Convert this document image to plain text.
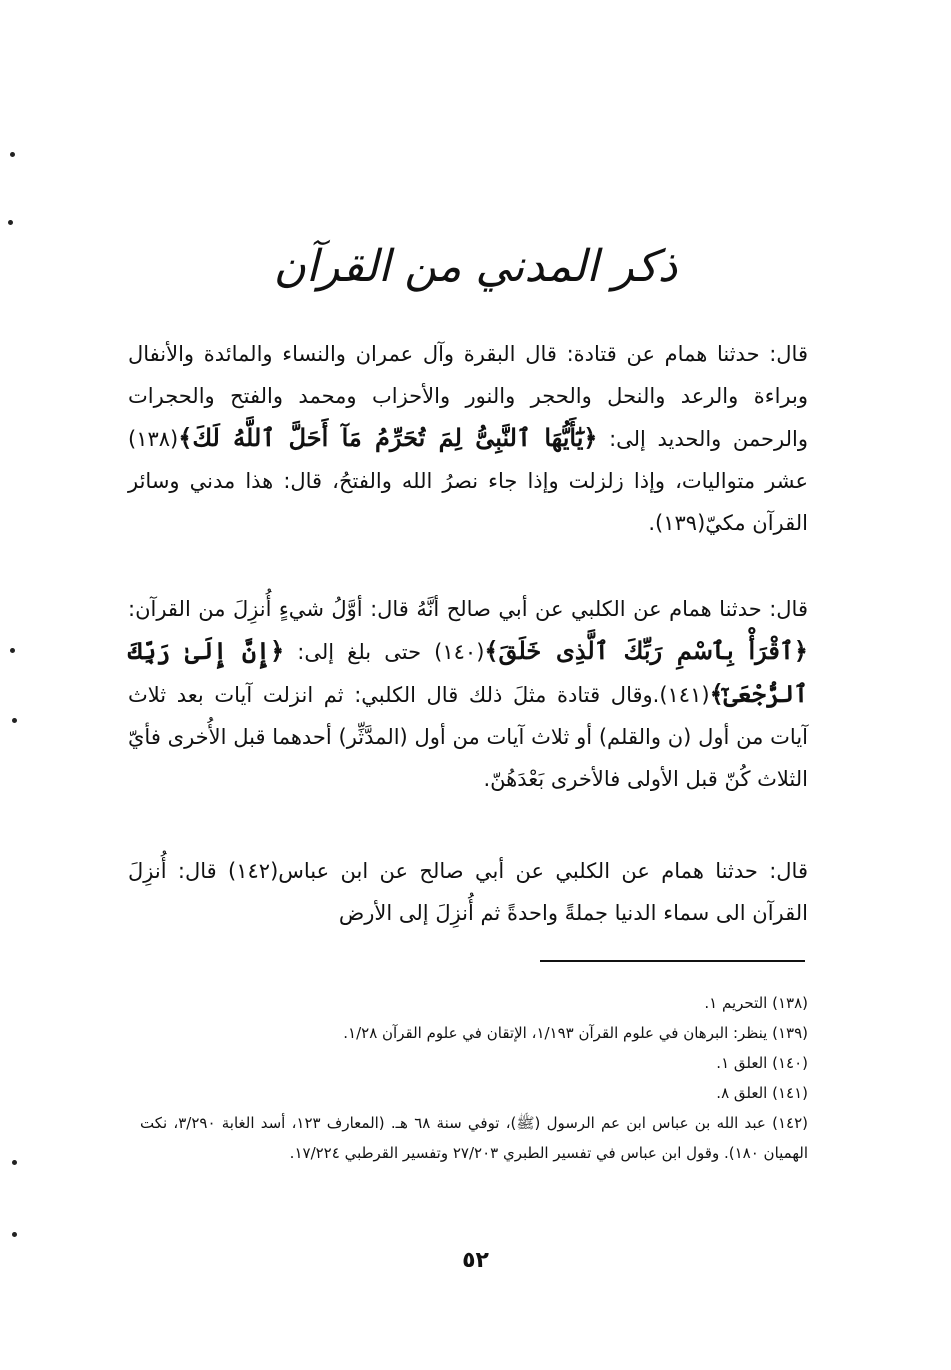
ذكر المدني من القرآن

قال: حدثنا همام عن قتادة: قال البقرة وآل عمران والنساء والمائدة والأنفال وبراءة والرعد والنحل والحجر والنور والأحزاب ومحمد والفتح والحجرات والرحمن والحديد إلى: ﴿يَٰٓأَيُّهَا ٱلنَّبِىُّ لِمَ تُحَرِّمُ مَآ أَحَلَّ ٱللَّهُ لَكَ﴾(١٣٨) عشر متواليات، وإذا زلزلت وإذا جاء نصرُ الله والفتحُ، قال: هذا مدني وسائر القرآن مكيّ(١٣٩).

قال: حدثنا همام عن الكلبي عن أبي صالح أنَّهُ قال: أوَّلُ شيءٍ أُنزِلَ من القرآن: ﴿ٱقْرَأْ بِٱسْمِ رَبِّكَ ٱلَّذِى خَلَقَ﴾(١٤٠) حتى بلغ إلى: ﴿إِنَّ إِلَىٰ رَبِّكَ ٱلرُّجْعَىٰٓ﴾(١٤١).وقال قتادة مثلَ ذلك قال الكلبي: ثم انزلت آيات بعد ثلاث آيات من أول (ن والقلم) أو ثلاث آيات من أول (المدَّثِّر) أحدهما قبل الأُخرى فأيّ الثلاث كُنّ قبل الأولى فالأخرى بَعْدَهُنّ.

قال: حدثنا همام عن الكلبي عن أبي صالح عن ابن عباس(١٤٢) قال: أُنزِلَ القرآن الى سماء الدنيا جملةً واحدةً ثم أُنزِلَ إلى الأرض

(١٣٨) التحريم ١.
(١٣٩) ينظر: البرهان في علوم القرآن ١/١٩٣، الإتقان في علوم القرآن ١/٢٨.
(١٤٠) العلق ١.
(١٤١) العلق ٨.
(١٤٢) عبد الله بن عباس ابن عم الرسول (ﷺ)، توفي سنة ٦٨ هـ. (المعارف ١٢٣، أسد الغابة ٣/٢٩٠، نكت الهميان ١٨٠). وقول ابن عباس في تفسير الطبري ٢٧/٢٠٣ وتفسير القرطبي ١٧/٢٢٤.
٥٢
